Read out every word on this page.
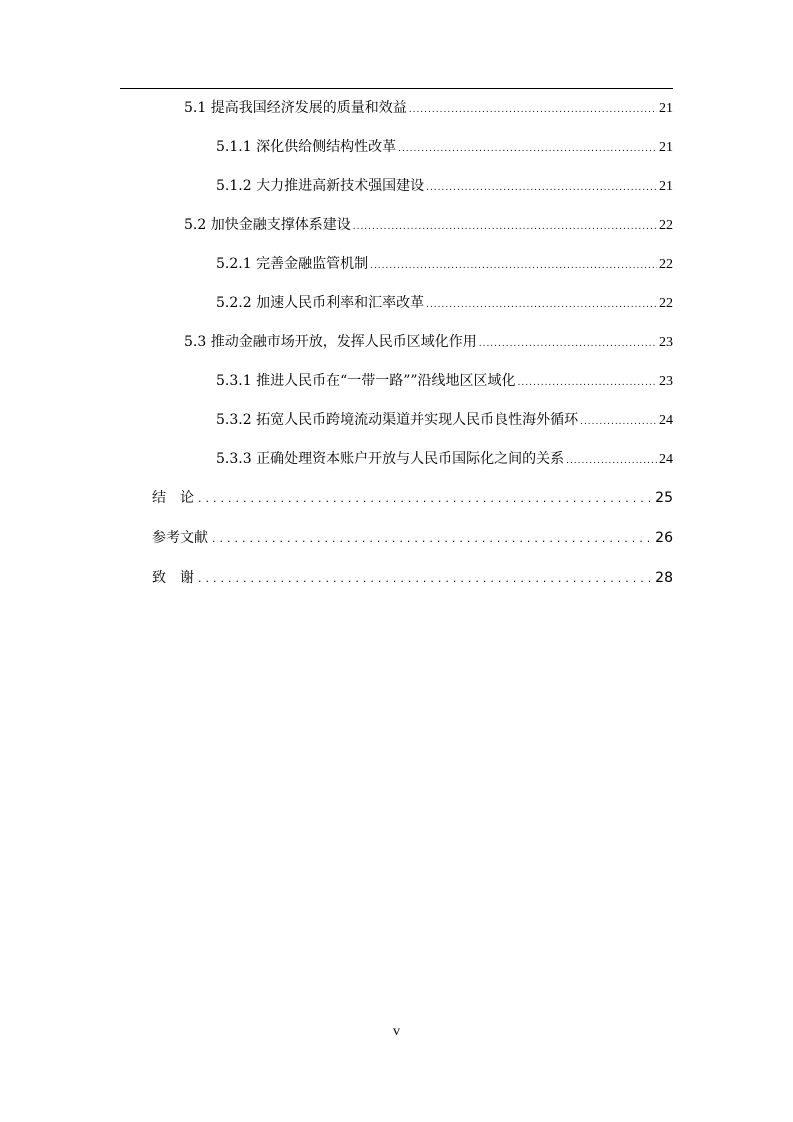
5.1 提高我国经济发展的质量和效益 .....	21
5.1.1 深化供给侧结构性改革 .....	21
5.1.2 大力推进高新技术强国建设 .....	21
5.2 加快金融支撑体系建设 .....	22
5.2.1 完善金融监管机制 .....	22
5.2.2 加速人民币利率和汇率改革 .....	22
5.3 推动金融市场开放，发挥人民币区域化作用 .....	23
5.3.1 推进人民币在“一带一路””沿线地区区域化 .....	23
5.3.2 拓宽人民币跨境流动渠道并实现人民币良性海外循环 .....	24
5.3.3 正确处理资本账户开放与人民币国际化之间的关系 .....	24
结　论 .....	25
参考文献 .....	26
致　谢 .....	28
v
